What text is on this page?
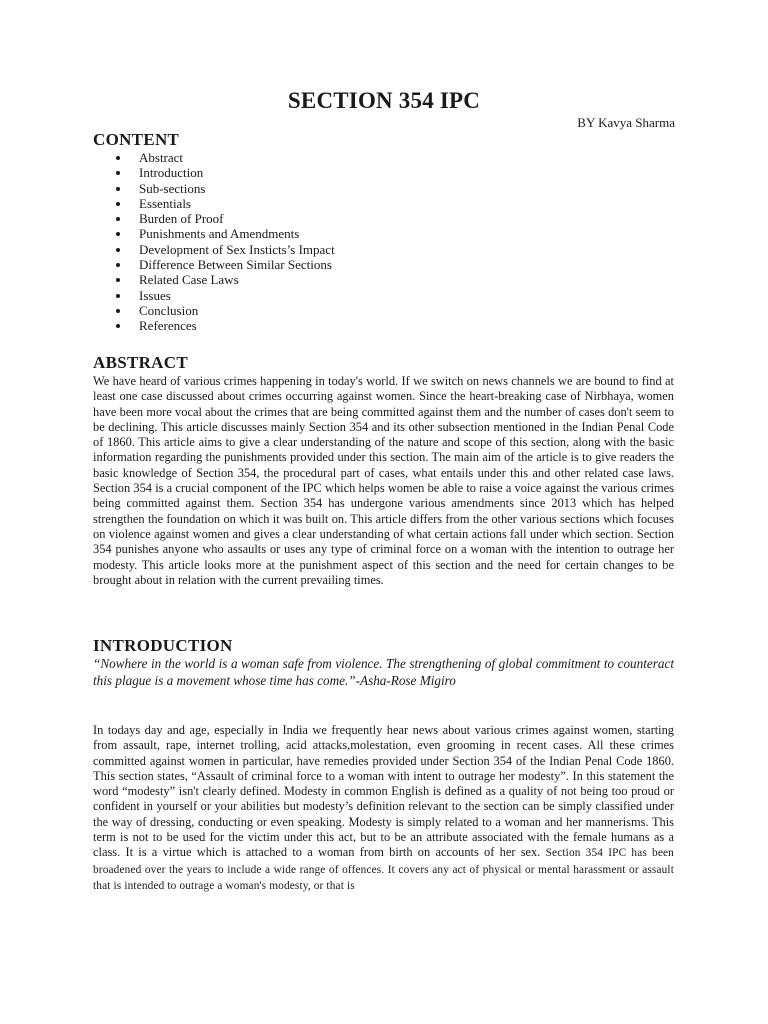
SECTION 354 IPC
BY Kavya Sharma
CONTENT
Abstract
Introduction
Sub-sections
Essentials
Burden of Proof
Punishments and Amendments
Development of Sex Insticts’s Impact
Difference Between Similar Sections
Related Case Laws
Issues
Conclusion
References
ABSTRACT

We have heard of various crimes happening in today's world. If we switch on news channels we are bound to find at least one case discussed about crimes occurring against women. Since the heart-breaking case of Nirbhaya, women have been more vocal about the crimes that are being committed against them and the number of cases don't seem to be declining. This article discusses mainly Section 354 and its other subsection mentioned in the Indian Penal Code of 1860. This article aims to give a clear understanding of the nature and scope of this section, along with the basic information regarding the punishments provided under this section. The main aim of the article is to give readers the basic knowledge of Section 354, the procedural part of cases, what entails under this and other related case laws. Section 354 is a crucial component of the IPC which helps women be able to raise a voice against the various crimes being committed against them. Section 354 has undergone various amendments since 2013 which has helped strengthen the foundation on which it was built on. This article differs from the other various sections which focuses on violence against women and gives a clear understanding of what certain actions fall under which section. Section 354 punishes anyone who assaults or uses any type of criminal force on a woman with the intention to outrage her modesty. This article looks more at the punishment aspect of this section and the need for certain changes to be brought about in relation with the current prevailing times.

INTRODUCTION

“Nowhere in the world is a woman safe from violence. The strengthening of global commitment to counteract this plague is a movement whose time has come.”-Asha-Rose Migiro

In todays day and age, especially in India we frequently hear news about various crimes against women, starting from assault, rape, internet trolling, acid attacks,molestation, even grooming in recent cases. All these crimes committed against women in particular, have remedies provided under Section 354 of the Indian Penal Code 1860. This section states, “Assault of criminal force to a woman with intent to outrage her modesty”. In this statement the word “modesty” isn't clearly defined. Modesty in common English is defined as a quality of not being too proud or confident in yourself or your abilities but modesty’s definition relevant to the section can be simply classified under the way of dressing, conducting or even speaking. Modesty is simply related to a woman and her mannerisms. This term is not to be used for the victim under this act, but to be an attribute associated with the female humans as a class. It is a virtue which is attached to a woman from birth on accounts of her sex. Section 354 IPC has been broadened over the years to include a wide range of offences. It covers any act of physical or mental harassment or assault that is intended to outrage a woman's modesty, or that is
